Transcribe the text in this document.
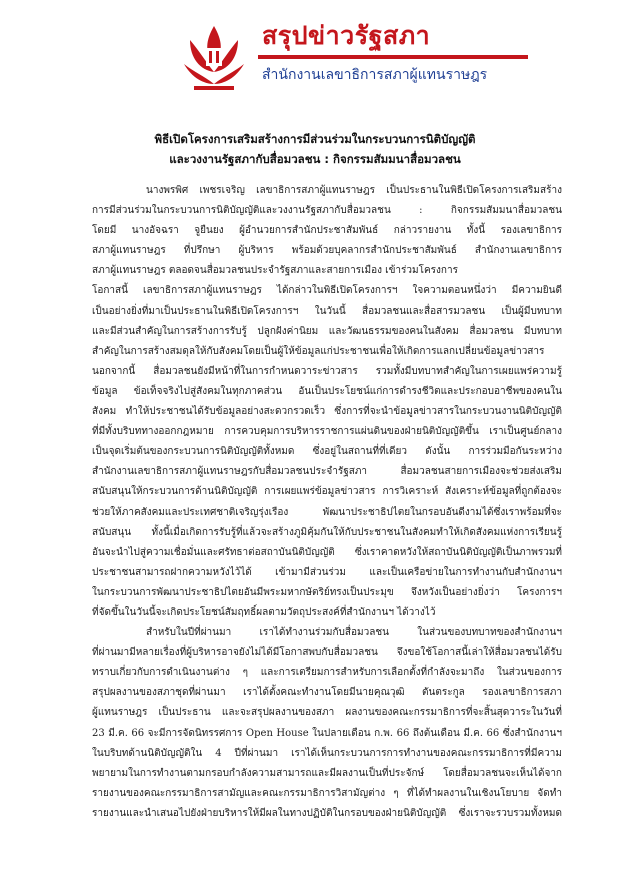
สรุปข่าวรัฐสภา
สำนักงานเลขาธิการสภาผู้แทนราษฎร
พิธีเปิดโครงการเสริมสร้างการมีส่วนร่วมในกระบวนการนิติบัญญัติ
และวงงานรัฐสภากับสื่อมวลชน : กิจกรรมสัมมนาสื่อมวลชน
นางพรพิศ เพชรเจริญ เลขาธิการสภาผู้แทนราษฎร เป็นประธานในพิธีเปิดโครงการเสริมสร้าง
การมีส่วนร่วมในกระบวนการนิติบัญญัติและวงงานรัฐสภากับสื่อมวลชน : กิจกรรมสัมมนาสื่อมวลชน
โดยมี นางอัจฉรา จูยืนยง ผู้อำนวยการสำนักประชาสัมพันธ์ กล่าวรายงาน ทั้งนี้ รองเลขาธิการ
สภาผู้แทนราษฎร ที่ปรึกษา ผู้บริหาร พร้อมด้วยบุคลากรสำนักประชาสัมพันธ์ สำนักงานเลขาธิการ
สภาผู้แทนราษฎร ตลอดจนสื่อมวลชนประจำรัฐสภาและสายการเมือง เข้าร่วมโครงการ
โอกาสนี้ เลขาธิการสภาผู้แทนราษฎร ได้กล่าวในพิธีเปิดโครงการฯ ใจความตอนหนึ่งว่า มีความยินดี
เป็นอย่างยิ่งที่มาเป็นประธานในพิธีเปิดโครงการฯ ในวันนี้ สื่อมวลชนและสื่อสารมวลชน เป็นผู้มีบทบาท
และมีส่วนสำคัญในการสร้างการรับรู้ ปลูกฝังค่านิยม และวัฒนธรรมของคนในสังคม สื่อมวลชน มีบทบาท
สำคัญในการสร้างสมดุลให้กับสังคมโดยเป็นผู้ให้ข้อมูลแก่ประชาชนเพื่อให้เกิดการแลกเปลี่ยนข้อมูลข่าวสาร
นอกจากนี้ สื่อมวลชนยังมีหน้าที่ในการกำหนดวาระข่าวสาร รวมทั้งมีบทบาทสำคัญในการเผยแพร่ความรู้
ข้อมูล ข้อเท็จจริงไปสู่สังคมในทุกภาคส่วน อันเป็นประโยชน์แก่การดำรงชีวิตและประกอบอาชีพของคนใน
สังคม ทำให้ประชาชนได้รับข้อมูลอย่างสะดวกรวดเร็ว ซึ่งการที่จะนำข้อมูลข่าวสารในกระบวนงานนิติบัญญัติ
ที่มีทั้งบริบททางออกกฎหมาย การควบคุมการบริหารราชการแผ่นดินของฝ่ายนิติบัญญัติขึ้น เราเป็นศูนย์กลาง
เป็นจุดเริ่มต้นของกระบวนการนิติบัญญัติทั้งหมด ซึ่งอยู่ในสถานที่ที่เดียว ดังนั้น การร่วมมือกันระหว่าง
สำนักงานเลขาธิการสภาผู้แทนราษฎรกับสื่อมวลชนประจำรัฐสภา สื่อมวลชนสายการเมืองจะช่วยส่งเสริม
สนับสนุนให้กระบวนการด้านนิติบัญญัติ การเผยแพร่ข้อมูลข่าวสาร การวิเคราะห์ สังเคราะห์ข้อมูลที่ถูกต้องจะ
ช่วยให้ภาคสังคมและประเทศชาติเจริญรุ่งเรือง พัฒนาประชาธิปไตยในกรอบอันดีงามได้ซึ่งเราพร้อมที่จะ
สนับสนุน ทั้งนี้เมื่อเกิดการรับรู้ที่แล้วจะสร้างภูมิคุ้มกันให้กับประชาชนในสังคมทำให้เกิดสังคมแห่งการเรียนรู้
อันจะนำไปสู่ความเชื่อมั่นและศรัทธาต่อสถาบันนิติบัญญัติ ซึ่งเราคาดหวังให้สถาบันนิติบัญญัติเป็นภาพรวมที่
ประชาชนสามารถฝากความหวังไว้ได้ เข้ามามีส่วนร่วม และเป็นเครือข่ายในการทำงานกับสำนักงานฯ
ในกระบวนการพัฒนาประชาธิปไตยอันมีพระมหากษัตริย์ทรงเป็นประมุข จึงหวังเป็นอย่างยิ่งว่า โครงการฯ
ที่จัดขึ้นในวันนี้จะเกิดประโยชน์สัมฤทธิ์ผลตามวัตถุประสงค์ที่สำนักงานฯ ได้วางไว้
สำหรับในปีที่ผ่านมา เราได้ทำงานร่วมกับสื่อมวลชน ในส่วนของบทบาทของสำนักงานฯ
ที่ผ่านมามีหลายเรื่องที่ผู้บริหารอาจยังไม่ได้มีโอกาสพบกับสื่อมวลชน จึงขอใช้โอกาสนี้เล่าให้สื่อมวลชนได้รับ
ทราบเกี่ยวกับการดำเนินงานต่าง ๆ และการเตรียมการสำหรับการเลือกตั้งที่กำลังจะมาถึง ในส่วนของการ
สรุปผลงานของสภาชุดที่ผ่านมา เราได้ตั้งคณะทำงานโดยมีนายคุณวุฒิ ตันตระกูล รองเลขาธิการสภา
ผู้แทนราษฎร เป็นประธาน และจะสรุปผลงานของสภา ผลงานของคณะกรรมาธิการที่จะสิ้นสุดวาระในวันที่
23 มี.ค. 66 จะมีการจัดนิทรรศการ Open House ในปลายเดือน ก.พ. 66 ถึงต้นเดือน มี.ค. 66 ซึ่งสำนักงานฯ
ในบริบทด้านนิติบัญญัติใน 4 ปีที่ผ่านมา เราได้เห็นกระบวนการการทำงานของคณะกรรมาธิการที่มีความ
พยายามในการทำงานตามกรอบกำลังความสามารถและมีผลงานเป็นที่ประจักษ์ โดยสื่อมวลชนจะเห็นได้จาก
รายงานของคณะกรรมาธิการสามัญและคณะกรรมาธิการวิสามัญต่าง ๆ ที่ได้ทำผลงานในเชิงนโยบาย จัดทำ
รายงานและนำเสนอไปยังฝ่ายบริหารให้มีผลในทางปฏิบัติในกรอบของฝ่ายนิติบัญญัติ ซึ่งเราจะรวบรวมทั้งหมด
